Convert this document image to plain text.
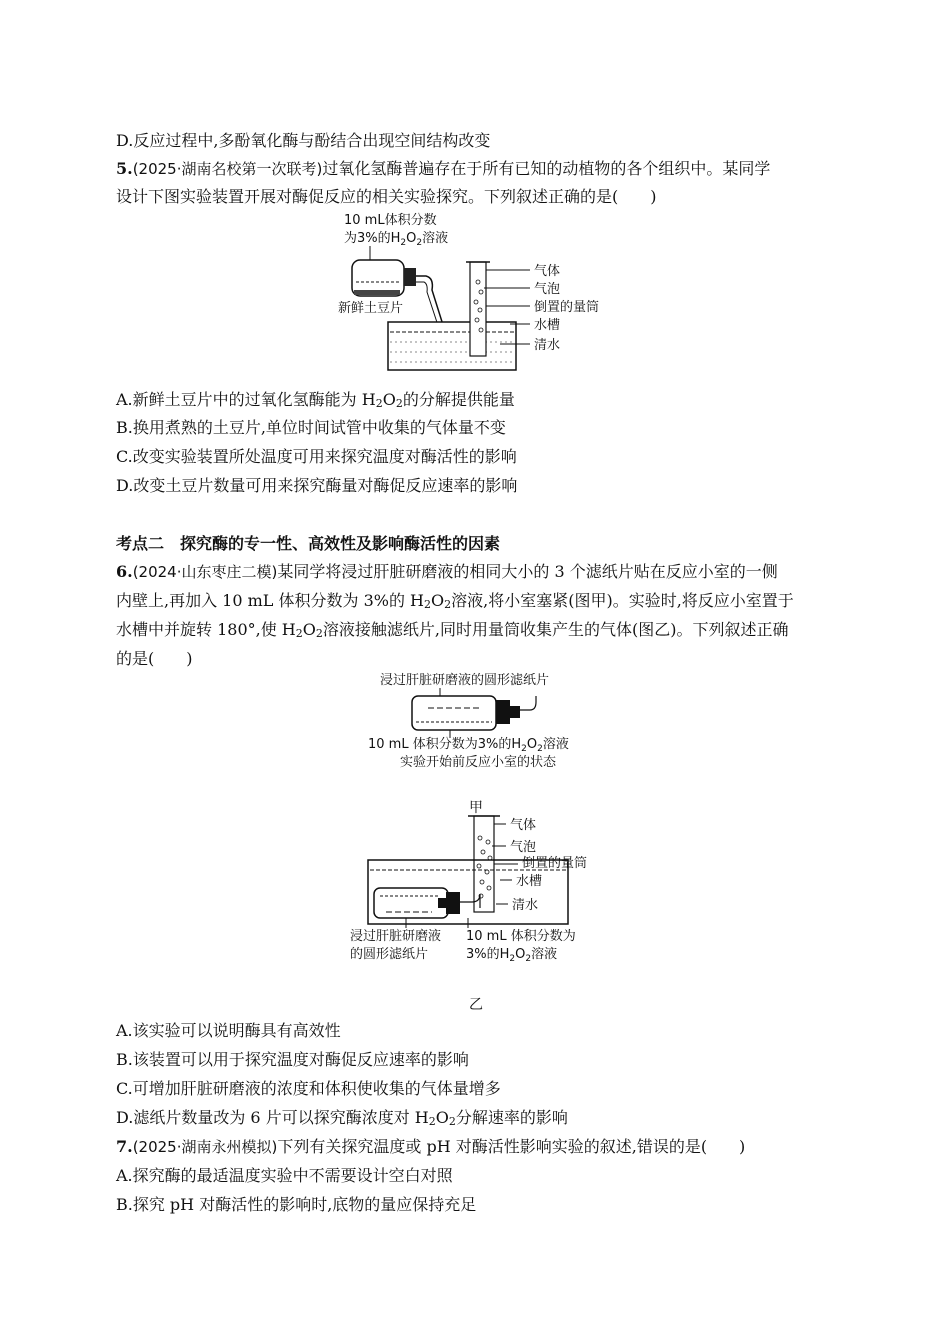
D.反应过程中,多酚氧化酶与酚结合出现空间结构改变
5.(2025·湖南名校第一次联考)过氧化氢酶普遍存在于所有已知的动植物的各个组织中。某同学
设计下图实验装置开展对酶促反应的相关实验探究。下列叙述正确的是(　　)
10 mL体积分数
为3%的$H_2O_2$溶液
新鲜土豆片
气体
气泡
倒置的量筒
水槽
清水
A.新鲜土豆片中的过氧化氢酶能为 $H_2O_2$的分解提供能量
B.换用煮熟的土豆片,单位时间试管中收集的气体量不变
C.改变实验装置所处温度可用来探究温度对酶活性的影响
D.改变土豆片数量可用来探究酶量对酶促反应速率的影响
考点二　探究酶的专一性、高效性及影响酶活性的因素
6.(2024·山东枣庄二模)某同学将浸过肝脏研磨液的相同大小的 3 个滤纸片贴在反应小室的一侧
内壁上,再加入 10 mL 体积分数为 3%的 $H_2O_2$溶液,将小室塞紧(图甲)。实验时,将反应小室置于
水槽中并旋转 180°,使 $H_2O_2$溶液接触滤纸片,同时用量筒收集产生的气体(图乙)。下列叙述正确
的是(　　)
浸过肝脏研磨液的圆形滤纸片
10 mL 体积分数为3%的$H_2O_2$溶液
实验开始前反应小室的状态
甲
气体
气泡
倒置的量筒
水槽
清水
浸过肝脏研磨液
的圆形滤纸片
10 mL 体积分数为
3%的$H_2O_2$溶液
乙
A.该实验可以说明酶具有高效性
B.该装置可以用于探究温度对酶促反应速率的影响
C.可增加肝脏研磨液的浓度和体积使收集的气体量增多
D.滤纸片数量改为 6 片可以探究酶浓度对 $H_2O_2$分解速率的影响
7.(2025·湖南永州模拟)下列有关探究温度或 pH 对酶活性影响实验的叙述,错误的是(　　)
A.探究酶的最适温度实验中不需要设计空白对照
B.探究 pH 对酶活性的影响时,底物的量应保持充足
